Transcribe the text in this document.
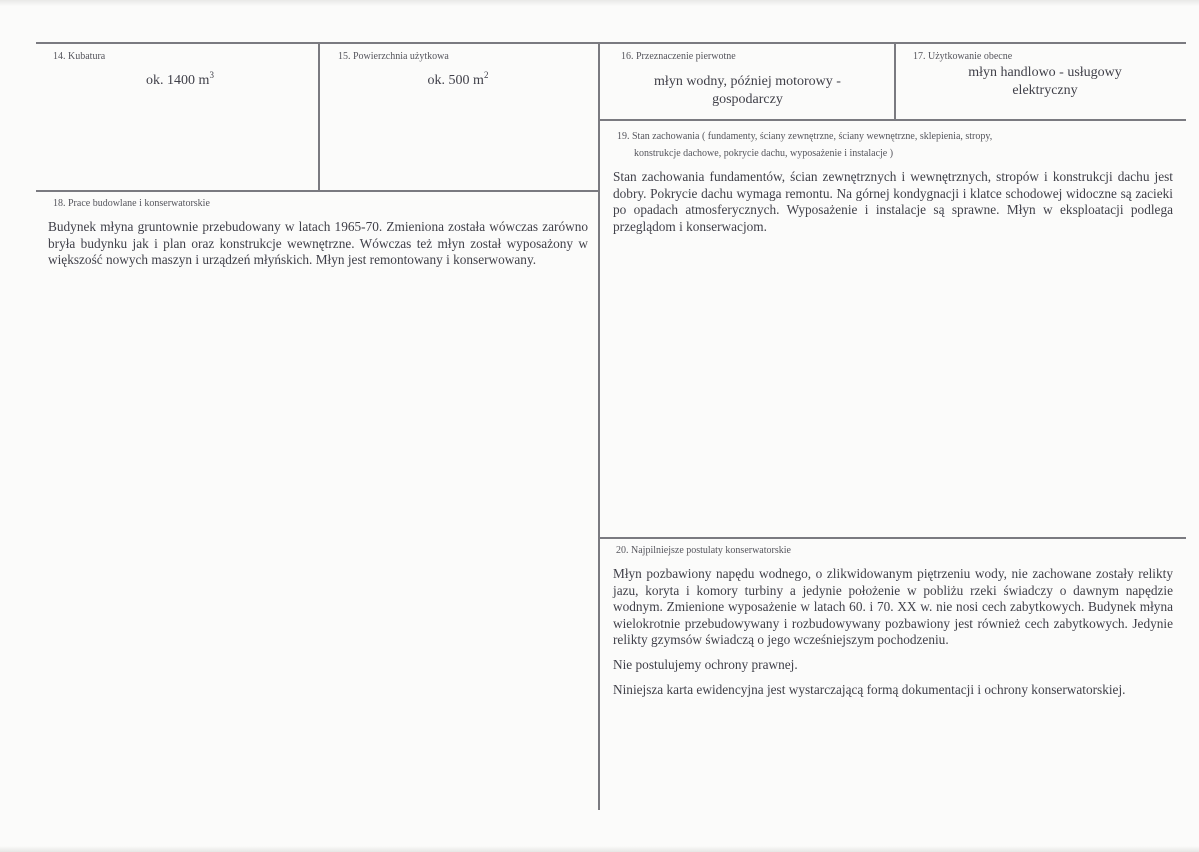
14. Kubatura
ok. 1400 $m^3$
15. Powierzchnia użytkowa
ok. 500 $m^2$
16. Przeznaczenie pierwotne
młyn wodny, później motorowy - gospodarczy
17. Użytkowanie obecne
młyn handlowo - usługowy elektryczny
19. Stan zachowania ( fundamenty, ściany zewnętrzne, ściany wewnętrzne, sklepienia, stropy,
konstrukcje dachowe, pokrycie dachu, wyposażenie i instalacje )
Stan zachowania fundamentów, ścian zewnętrznych i wewnętrznych, stropów i konstrukcji dachu jest dobry. Pokrycie dachu wymaga remontu. Na górnej kondygnacji i klatce schodowej widoczne są zacieki po opadach atmosferycznych. Wyposażenie i instalacje są sprawne. Młyn w eksploatacji podlega przeglądom i konserwacjom.
18. Prace budowlane i konserwatorskie
Budynek młyna gruntownie przebudowany w latach 1965-70. Zmieniona została wówczas zarówno bryła budynku jak i plan oraz konstrukcje wewnętrzne. Wówczas też młyn został wyposażony w większość nowych maszyn i urządzeń młyńskich. Młyn jest remontowany i konserwowany.
20. Najpilniejsze postulaty konserwatorskie

Młyn pozbawiony napędu wodnego, o zlikwidowanym piętrzeniu wody, nie zachowane zostały relikty jazu, koryta i komory turbiny a jedynie położenie w pobliżu rzeki świadczy o dawnym napędzie wodnym. Zmienione wyposażenie w latach 60. i 70. XX w. nie nosi cech zabytkowych. Budynek młyna wielokrotnie przebudowywany i rozbudowywany pozbawiony jest również cech zabytkowych. Jedynie relikty gzymsów świadczą o jego wcześniejszym pochodzeniu.

Nie postulujemy ochrony prawnej.

Niniejsza karta ewidencyjna jest wystarczającą formą dokumentacji i ochrony konserwatorskiej.
